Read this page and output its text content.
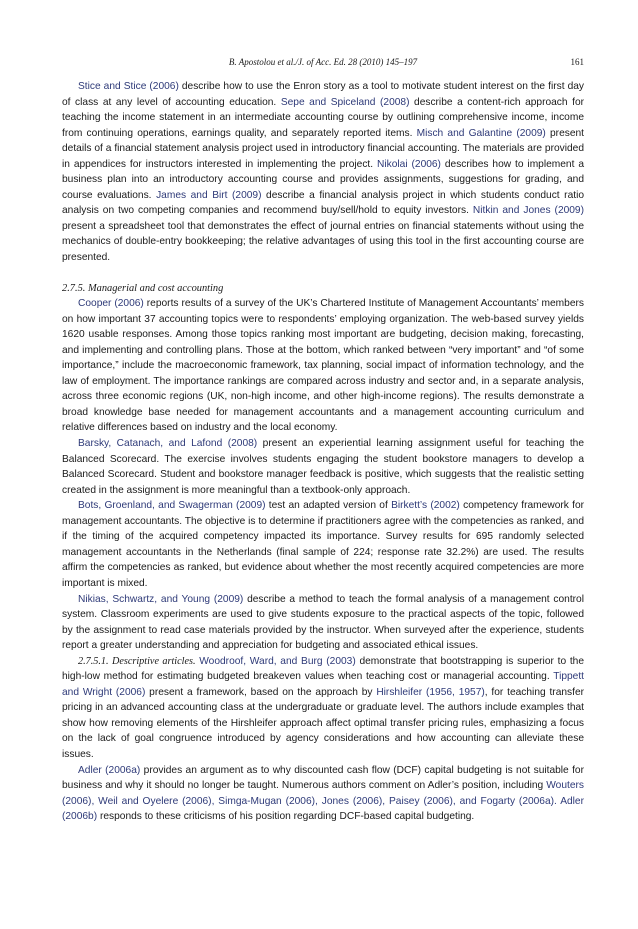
B. Apostolou et al./J. of Acc. Ed. 28 (2010) 145–197	161

Stice and Stice (2006) describe how to use the Enron story as a tool to motivate student interest on the first day of class at any level of accounting education. Sepe and Spiceland (2008) describe a content-rich approach for teaching the income statement in an intermediate accounting course by outlining comprehensive income, income from continuing operations, earnings quality, and separately reported items. Misch and Galantine (2009) present details of a financial statement analysis project used in introductory financial accounting. The materials are provided in appendices for instructors interested in implementing the project. Nikolai (2006) describes how to implement a business plan into an introductory accounting course and provides assignments, suggestions for grading, and course evaluations. James and Birt (2009) describe a financial analysis project in which students conduct ratio analysis on two competing companies and recommend buy/sell/hold to equity investors. Nitkin and Jones (2009) present a spreadsheet tool that demonstrates the effect of journal entries on financial statements without using the mechanics of double-entry bookkeeping; the relative advantages of using this tool in the first accounting course are presented.

2.7.5. Managerial and cost accounting

Cooper (2006) reports results of a survey of the UK’s Chartered Institute of Management Accountants’ members on how important 37 accounting topics were to respondents’ employing organization. The web-based survey yields 1620 usable responses. Among those topics ranking most important are budgeting, decision making, forecasting, and implementing and controlling plans. Those at the bottom, which ranked between “very important” and “of some importance,” include the macroeconomic framework, tax planning, social impact of information technology, and the law of employment. The importance rankings are compared across industry and sector and, in a separate analysis, across three economic regions (UK, non-high income, and other high-income regions). The results demonstrate a broad knowledge base needed for management accountants and a management accounting curriculum and relative differences based on industry and the local economy.

Barsky, Catanach, and Lafond (2008) present an experiential learning assignment useful for teaching the Balanced Scorecard. The exercise involves students engaging the student bookstore managers to develop a Balanced Scorecard. Student and bookstore manager feedback is positive, which suggests that the realistic setting created in the assignment is more meaningful than a textbook-only approach.

Bots, Groenland, and Swagerman (2009) test an adapted version of Birkett’s (2002) competency framework for management accountants. The objective is to determine if practitioners agree with the competencies as ranked, and if the timing of the acquired competency impacted its importance. Survey results for 695 randomly selected management accountants in the Netherlands (final sample of 224; response rate 32.2%) are used. The results affirm the competencies as ranked, but evidence about whether the most recently acquired competencies are more important is mixed.

Nikias, Schwartz, and Young (2009) describe a method to teach the formal analysis of a management control system. Classroom experiments are used to give students exposure to the practical aspects of the topic, followed by the assignment to read case materials provided by the instructor. When surveyed after the experience, students report a greater understanding and appreciation for budgeting and associated ethical issues.

2.7.5.1. Descriptive articles. Woodroof, Ward, and Burg (2003) demonstrate that bootstrapping is superior to the high-low method for estimating budgeted breakeven values when teaching cost or managerial accounting. Tippett and Wright (2006) present a framework, based on the approach by Hirshleifer (1956, 1957), for teaching transfer pricing in an advanced accounting class at the undergraduate or graduate level. The authors include examples that show how removing elements of the Hirshleifer approach affect optimal transfer pricing rules, emphasizing a focus on the lack of goal congruence introduced by agency considerations and how accounting can alleviate these issues.

Adler (2006a) provides an argument as to why discounted cash flow (DCF) capital budgeting is not suitable for business and why it should no longer be taught. Numerous authors comment on Adler’s position, including Wouters (2006), Weil and Oyelere (2006), Simga-Mugan (2006), Jones (2006), Paisey (2006), and Fogarty (2006a). Adler (2006b) responds to these criticisms of his position regarding DCF-based capital budgeting.
